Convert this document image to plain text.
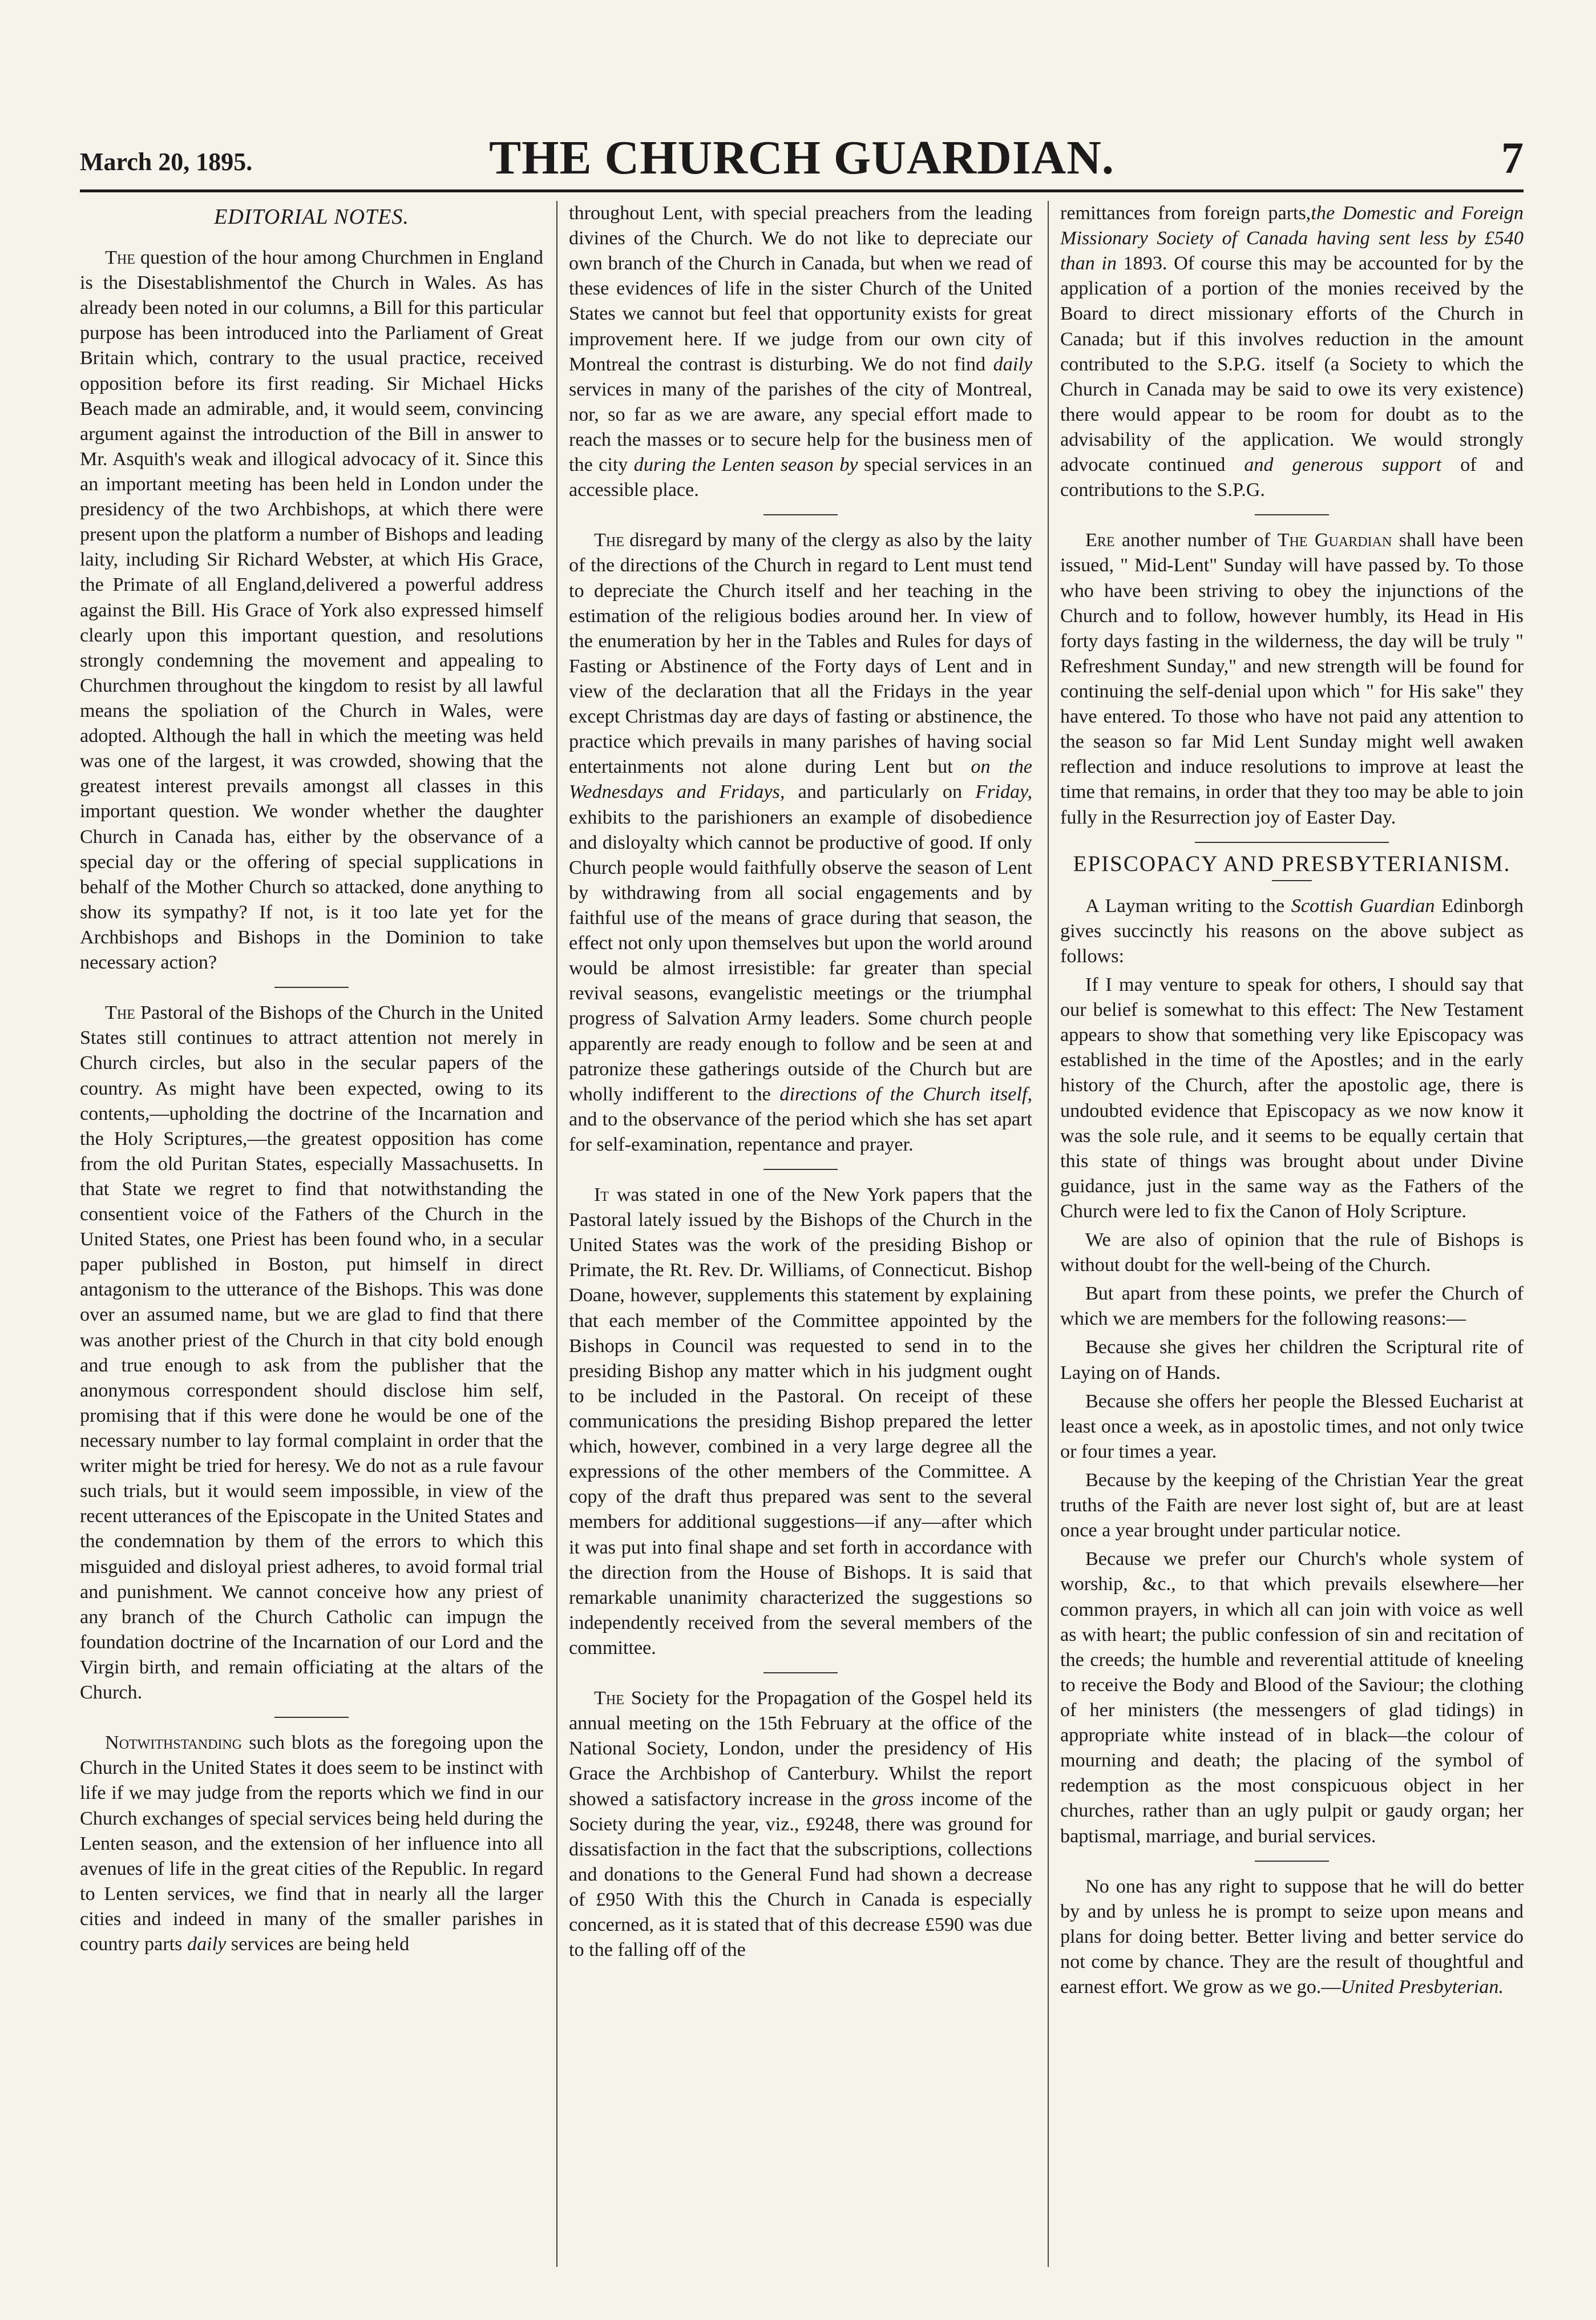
March 20, 1895.	THE CHURCH GUARDIAN.	7
EDITORIAL NOTES.

The question of the hour among Churchmen in England is the Disestablishmentof the Church in Wales. As has already been noted in our columns, a Bill for this particular purpose has been introduced into the Parliament of Great Britain which, contrary to the usual practice, received opposition before its first reading. Sir Michael Hicks Beach made an admirable, and, it would seem, convincing argument against the introduction of the Bill in answer to Mr. Asquith's weak and illogical advocacy of it. Since this an important meeting has been held in London under the presidency of the two Archbishops, at which there were present upon the platform a number of Bishops and leading laity, including Sir Richard Webster, at which His Grace, the Primate of all England,delivered a powerful address against the Bill. His Grace of York also expressed himself clearly upon this important question, and resolutions strongly condemning the movement and appealing to Churchmen throughout the kingdom to resist by all lawful means the spoliation of the Church in Wales, were adopted. Although the hall in which the meeting was held was one of the largest, it was crowded, showing that the greatest interest prevails amongst all classes in this important question. We wonder whether the daughter Church in Canada has, either by the observance of a special day or the offering of special supplications in behalf of the Mother Church so attacked, done anything to show its sympathy? If not, is it too late yet for the Archbishops and Bishops in the Dominion to take necessary action?

The Pastoral of the Bishops of the Church in the United States still continues to attract attention not merely in Church circles, but also in the secular papers of the country. As might have been expected, owing to its contents,—upholding the doctrine of the Incarnation and the Holy Scriptures,—the greatest opposition has come from the old Puritan States, especially Massachusetts. In that State we regret to find that notwithstanding the consentient voice of the Fathers of the Church in the United States, one Priest has been found who, in a secular paper published in Boston, put himself in direct antagonism to the utterance of the Bishops. This was done over an assumed name, but we are glad to find that there was another priest of the Church in that city bold enough and true enough to ask from the publisher that the anonymous correspondent should disclose him self, promising that if this were done he would be one of the necessary number to lay formal complaint in order that the writer might be tried for heresy. We do not as a rule favour such trials, but it would seem impossible, in view of the recent utterances of the Episcopate in the United States and the condemnation by them of the errors to which this misguided and disloyal priest adheres, to avoid formal trial and punishment. We cannot conceive how any priest of any branch of the Church Catholic can impugn the foundation doctrine of the Incarnation of our Lord and the Virgin birth, and remain officiating at the altars of the Church.

Notwithstanding such blots as the foregoing upon the Church in the United States it does seem to be instinct with life if we may judge from the reports which we find in our Church exchanges of special services being held during the Lenten season, and the extension of her influence into all avenues of life in the great cities of the Republic. In regard to Lenten services, we find that in nearly all the larger cities and indeed in many of the smaller parishes in country parts daily services are being held

throughout Lent, with special preachers from the leading divines of the Church. We do not like to depreciate our own branch of the Church in Canada, but when we read of these evidences of life in the sister Church of the United States we cannot but feel that opportunity exists for great improvement here. If we judge from our own city of Montreal the contrast is disturbing. We do not find daily services in many of the parishes of the city of Montreal, nor, so far as we are aware, any special effort made to reach the masses or to secure help for the business men of the city during the Lenten season by special services in an accessible place.

The disregard by many of the clergy as also by the laity of the directions of the Church in regard to Lent must tend to depreciate the Church itself and her teaching in the estimation of the religious bodies around her. In view of the enumeration by her in the Tables and Rules for days of Fasting or Abstinence of the Forty days of Lent and in view of the declaration that all the Fridays in the year except Christmas day are days of fasting or abstinence, the practice which prevails in many parishes of having social entertainments not alone during Lent but on the Wednesdays and Fridays, and particularly on Friday, exhibits to the parishioners an example of disobedience and disloyalty which cannot be productive of good. If only Church people would faithfully observe the season of Lent by withdrawing from all social engagements and by faithful use of the means of grace during that season, the effect not only upon themselves but upon the world around would be almost irresistible: far greater than special revival seasons, evangelistic meetings or the triumphal progress of Salvation Army leaders. Some church people apparently are ready enough to follow and be seen at and patronize these gatherings outside of the Church but are wholly indifferent to the directions of the Church itself, and to the observance of the period which she has set apart for self-examination, repentance and prayer.

It was stated in one of the New York papers that the Pastoral lately issued by the Bishops of the Church in the United States was the work of the presiding Bishop or Primate, the Rt. Rev. Dr. Williams, of Connecticut. Bishop Doane, however, supplements this statement by explaining that each member of the Committee appointed by the Bishops in Council was requested to send in to the presiding Bishop any matter which in his judgment ought to be included in the Pastoral. On receipt of these communications the presiding Bishop prepared the letter which, however, combined in a very large degree all the expressions of the other members of the Committee. A copy of the draft thus prepared was sent to the several members for additional suggestions—if any—after which it was put into final shape and set forth in accordance with the direction from the House of Bishops. It is said that remarkable unanimity characterized the suggestions so independently received from the several members of the committee.

The Society for the Propagation of the Gospel held its annual meeting on the 15th February at the office of the National Society, London, under the presidency of His Grace the Archbishop of Canterbury. Whilst the report showed a satisfactory increase in the gross income of the Society during the year, viz., £9248, there was ground for dissatisfaction in the fact that the subscriptions, collections and donations to the General Fund had shown a decrease of £950 With this the Church in Canada is especially concerned, as it is stated that of this decrease £590 was due to the falling off of the

remittances from foreign parts,the Domestic and Foreign Missionary Society of Canada having sent less by £540 than in 1893. Of course this may be accounted for by the application of a portion of the monies received by the Board to direct missionary efforts of the Church in Canada; but if this involves reduction in the amount contributed to the S.P.G. itself (a Society to which the Church in Canada may be said to owe its very existence) there would appear to be room for doubt as to the advisability of the application. We would strongly advocate continued and generous support of and contributions to the S.P.G.

Ere another number of The Guardian shall have been issued, " Mid-Lent" Sunday will have passed by. To those who have been striving to obey the injunctions of the Church and to follow, however humbly, its Head in His forty days fasting in the wilderness, the day will be truly " Refreshment Sunday," and new strength will be found for continuing the self-denial upon which " for His sake" they have entered. To those who have not paid any attention to the season so far Mid Lent Sunday might well awaken reflection and induce resolutions to improve at least the time that remains, in order that they too may be able to join fully in the Resurrection joy of Easter Day.

EPISCOPACY AND PRESBYTERIANISM.

A Layman writing to the Scottish Guardian Edinborgh gives succinctly his reasons on the above subject as follows:

If I may venture to speak for others, I should say that our belief is somewhat to this effect: The New Testament appears to show that something very like Episcopacy was established in the time of the Apostles; and in the early history of the Church, after the apostolic age, there is undoubted evidence that Episcopacy as we now know it was the sole rule, and it seems to be equally certain that this state of things was brought about under Divine guidance, just in the same way as the Fathers of the Church were led to fix the Canon of Holy Scripture.

We are also of opinion that the rule of Bishops is without doubt for the well-being of the Church.

But apart from these points, we prefer the Church of which we are members for the following reasons:—

Because she gives her children the Scriptural rite of Laying on of Hands.

Because she offers her people the Blessed Eucharist at least once a week, as in apostolic times, and not only twice or four times a year.

Because by the keeping of the Christian Year the great truths of the Faith are never lost sight of, but are at least once a year brought under particular notice.

Because we prefer our Church's whole system of worship, &c., to that which prevails elsewhere—her common prayers, in which all can join with voice as well as with heart; the public confession of sin and recitation of the creeds; the humble and reverential attitude of kneeling to receive the Body and Blood of the Saviour; the clothing of her ministers (the messengers of glad tidings) in appropriate white instead of in black—the colour of mourning and death; the placing of the symbol of redemption as the most conspicuous object in her churches, rather than an ugly pulpit or gaudy organ; her baptismal, marriage, and burial services.

No one has any right to suppose that he will do better by and by unless he is prompt to seize upon means and plans for doing better. Better living and better service do not come by chance. They are the result of thoughtful and earnest effort. We grow as we go.—United Presbyterian.
